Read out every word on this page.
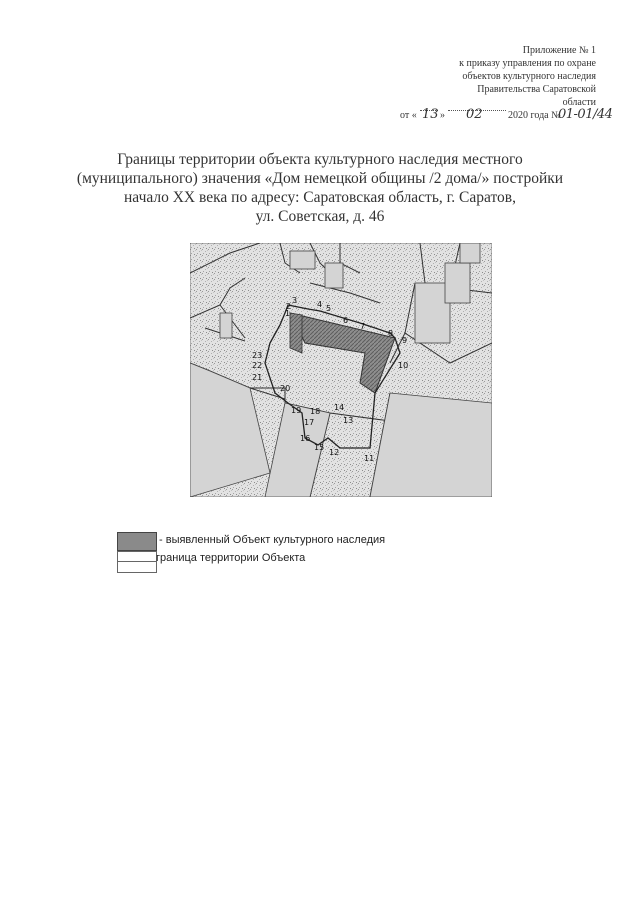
Приложение № 1
к приказу управления по охране
объектов культурного наследия
Правительства Саратовской
области
от « 13 » 02	2020 года №
01-01/44
Границы территории объекта культурного наследия местного
(муниципального) значения «Дом немецкой общины /2 дома/» постройки
начало XX века по адресу: Саратовская область, г. Саратов,
ул. Советская, д. 46
1
2
3 4 5
6
7
8
9
10
11
12
13
14
15
16
17
18
19
20
21
22
23
- выявленный Объект культурного наследия
граница территории Объекта
